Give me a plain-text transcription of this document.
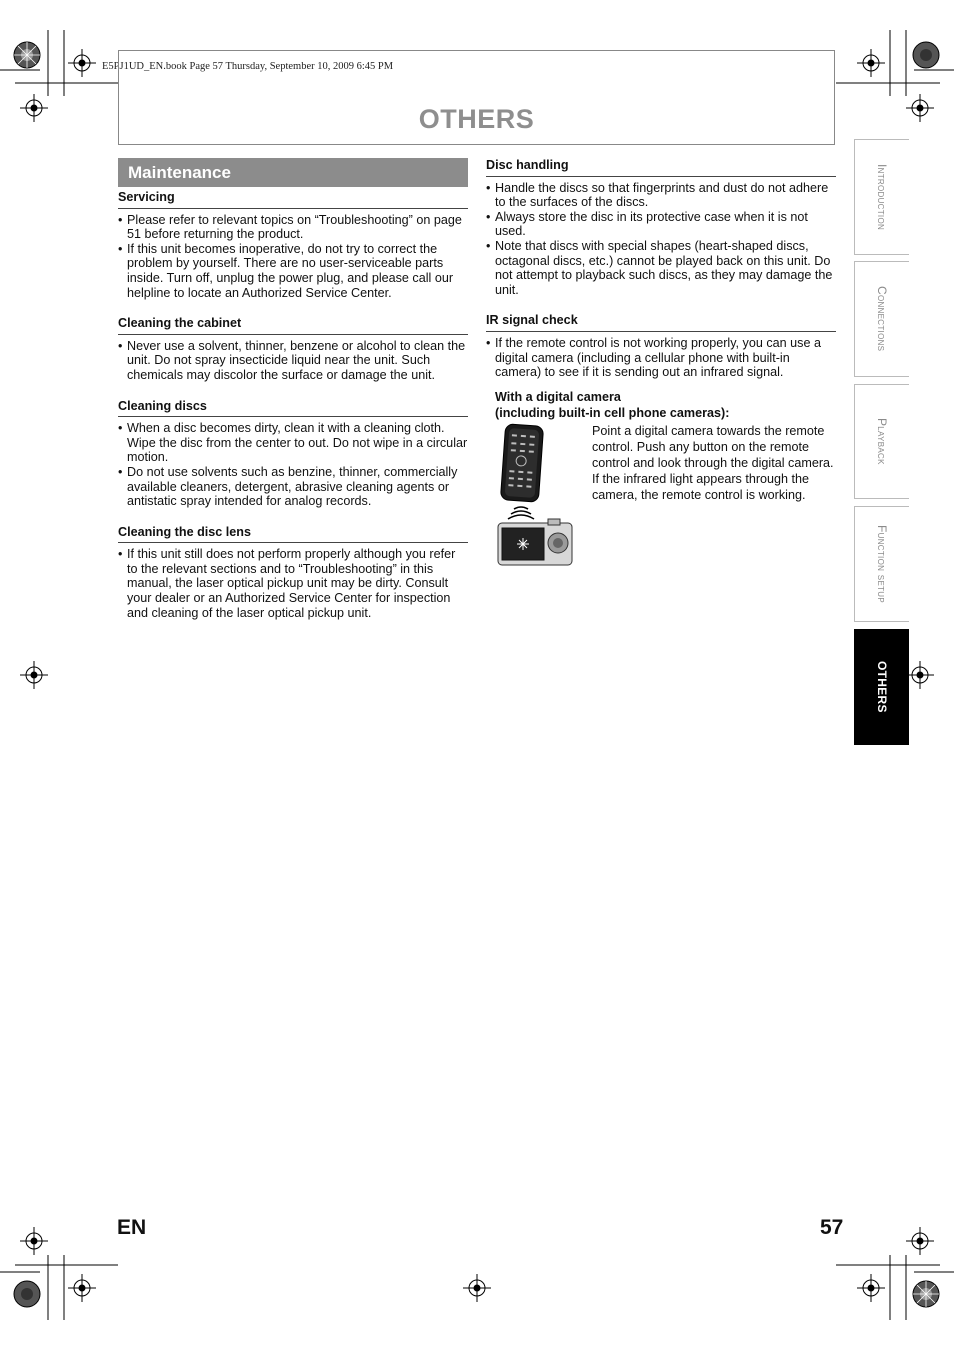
E5PJ1UD_EN.book Page 57 Thursday, September 10, 2009 6:45 PM
OTHERS
Maintenance
Servicing
• Please refer to relevant topics on “Troubleshooting” on page 51 before returning the product.
• If this unit becomes inoperative, do not try to correct the problem by yourself. There are no user-serviceable parts inside. Turn off, unplug the power plug, and please call our helpline to locate an Authorized Service Center.
Cleaning the cabinet
• Never use a solvent, thinner, benzene or alcohol to clean the unit. Do not spray insecticide liquid near the unit. Such chemicals may discolor the surface or damage the unit.
Cleaning discs
• When a disc becomes dirty, clean it with a cleaning cloth. Wipe the disc from the center to out. Do not wipe in a circular motion.
• Do not use solvents such as benzine, thinner, commercially available cleaners, detergent, abrasive cleaning agents or antistatic spray intended for analog records.
Cleaning the disc lens
• If this unit still does not perform properly although you refer to the relevant sections and to “Troubleshooting” in this manual, the laser optical pickup unit may be dirty. Consult your dealer or an Authorized Service Center for inspection and cleaning of the laser optical pickup unit.
Disc handling
• Handle the discs so that fingerprints and dust do not adhere to the surfaces of the discs.
• Always store the disc in its protective case when it is not used.
• Note that discs with special shapes (heart-shaped discs, octagonal discs, etc.) cannot be played back on this unit. Do not attempt to playback such discs, as they may damage the unit.
IR signal check
• If the remote control is not working properly, you can use a digital camera (including a cellular phone with built-in camera) to see if it is sending out an infrared signal.
With a digital camera
(including built-in cell phone cameras):
Point a digital camera towards the remote control. Push any button on the remote control and look through the digital camera. If the infrared light appears through the camera, the remote control is working.
Introduction
Connections
Playback
Function setup
OTHERS
EN	57
